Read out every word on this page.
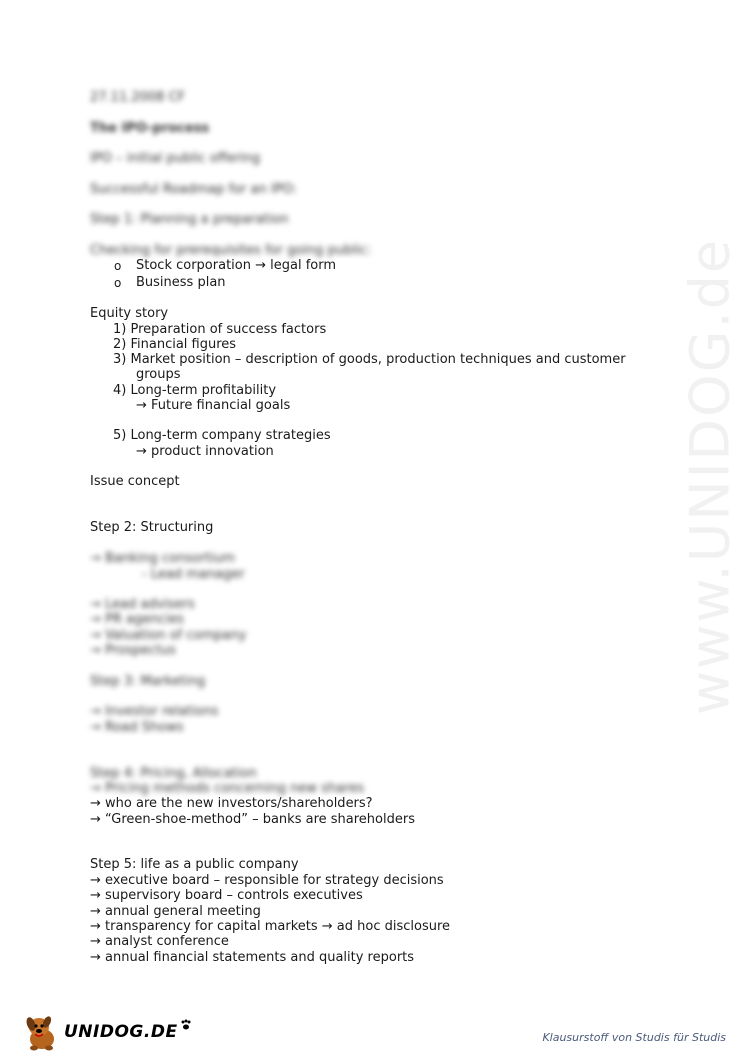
www.UNIDOG.de
27.11.2008 CF
The IPO-process
IPO – initial public offering
Successful Roadmap for an IPO:
Step 1: Planning a preparation
Checking for prerequisites for going public:
o Stock corporation → legal form
o Business plan
Equity story
1) Preparation of success factors
2) Financial figures
3) Market position – description of goods, production techniques and customer
groups
4) Long-term profitability
→ Future financial goals
5) Long-term company strategies
→ product innovation
Issue concept
Step 2: Structuring
→ Banking consortium
- Lead manager
→ Lead advisers
→ PR agencies
→ Valuation of company
→ Prospectus
Step 3: Marketing
→ Investor relations
→ Road Shows
Step 4: Pricing, Allocation
→ Pricing methods concerning new shares
→ who are the new investors/shareholders?
→ “Green-shoe-method” – banks are shareholders
Step 5: life as a public company
→ executive board – responsible for strategy decisions
→ supervisory board – controls executives
→ annual general meeting
→ transparency for capital markets → ad hoc disclosure
→ analyst conference
→ annual financial statements and quality reports
UNIDOG.DE	Klausurstoff von Studis für Studis
